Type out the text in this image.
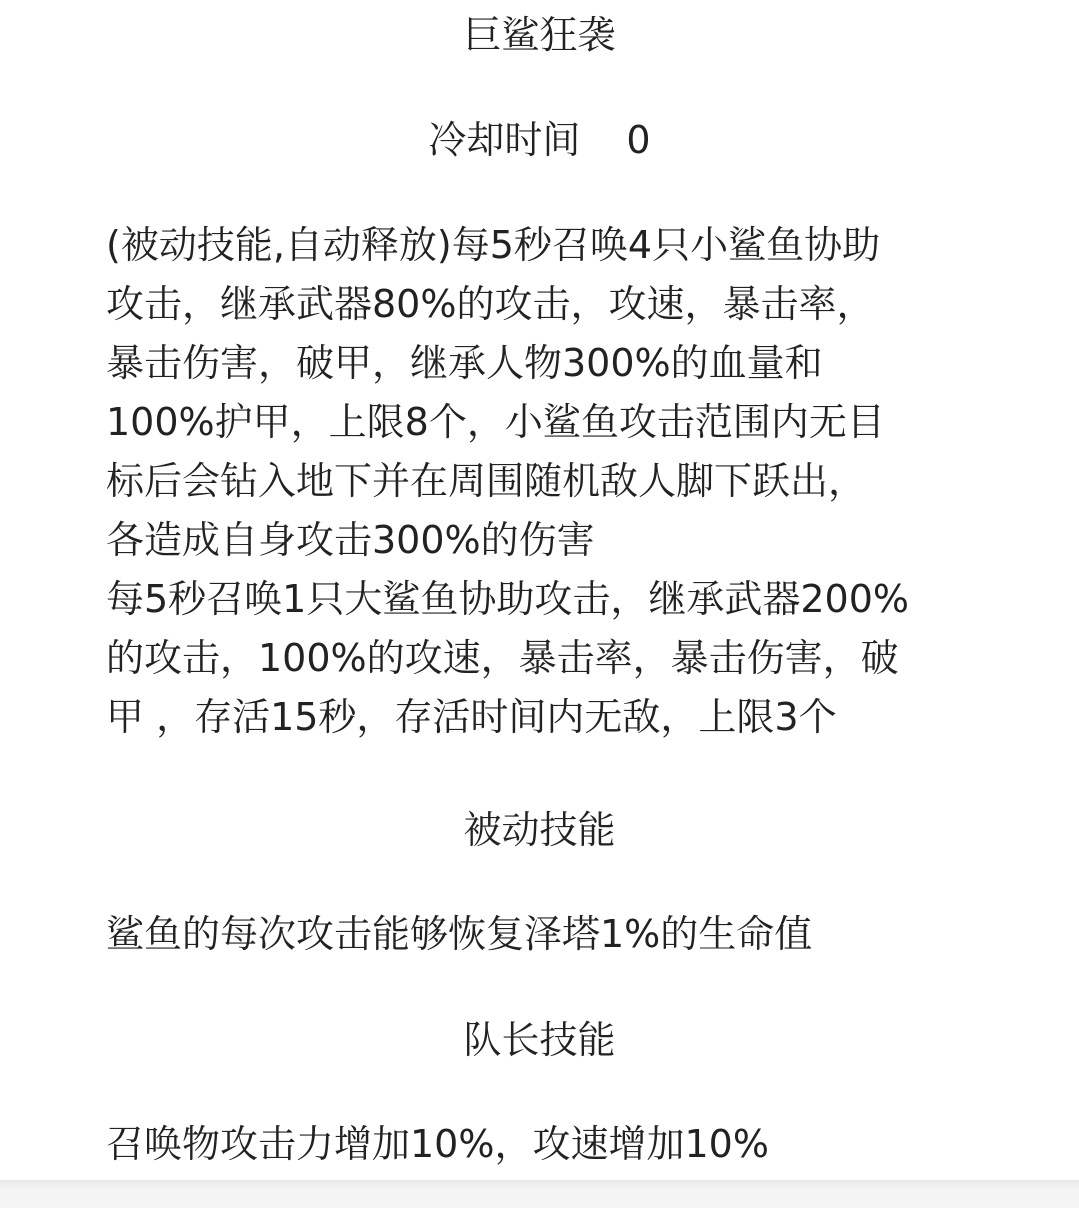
巨鲨狂袭
冷却时间 0
(被动技能,自动释放)每5秒召唤4只小鲨鱼协助
攻击，继承武器80%的攻击，攻速，暴击率，
暴击伤害，破甲，继承人物300%的血量和
100%护甲，上限8个，小鲨鱼攻击范围内无目
标后会钻入地下并在周围随机敌人脚下跃出，
各造成自身攻击300%的伤害
每5秒召唤1只大鲨鱼协助攻击，继承武器200%
的攻击，100%的攻速，暴击率，暴击伤害，破
甲 ，存活15秒，存活时间内无敌，上限3个
被动技能
鲨鱼的每次攻击能够恢复泽塔1%的生命值
队长技能
召唤物攻击力增加10%，攻速增加10%
